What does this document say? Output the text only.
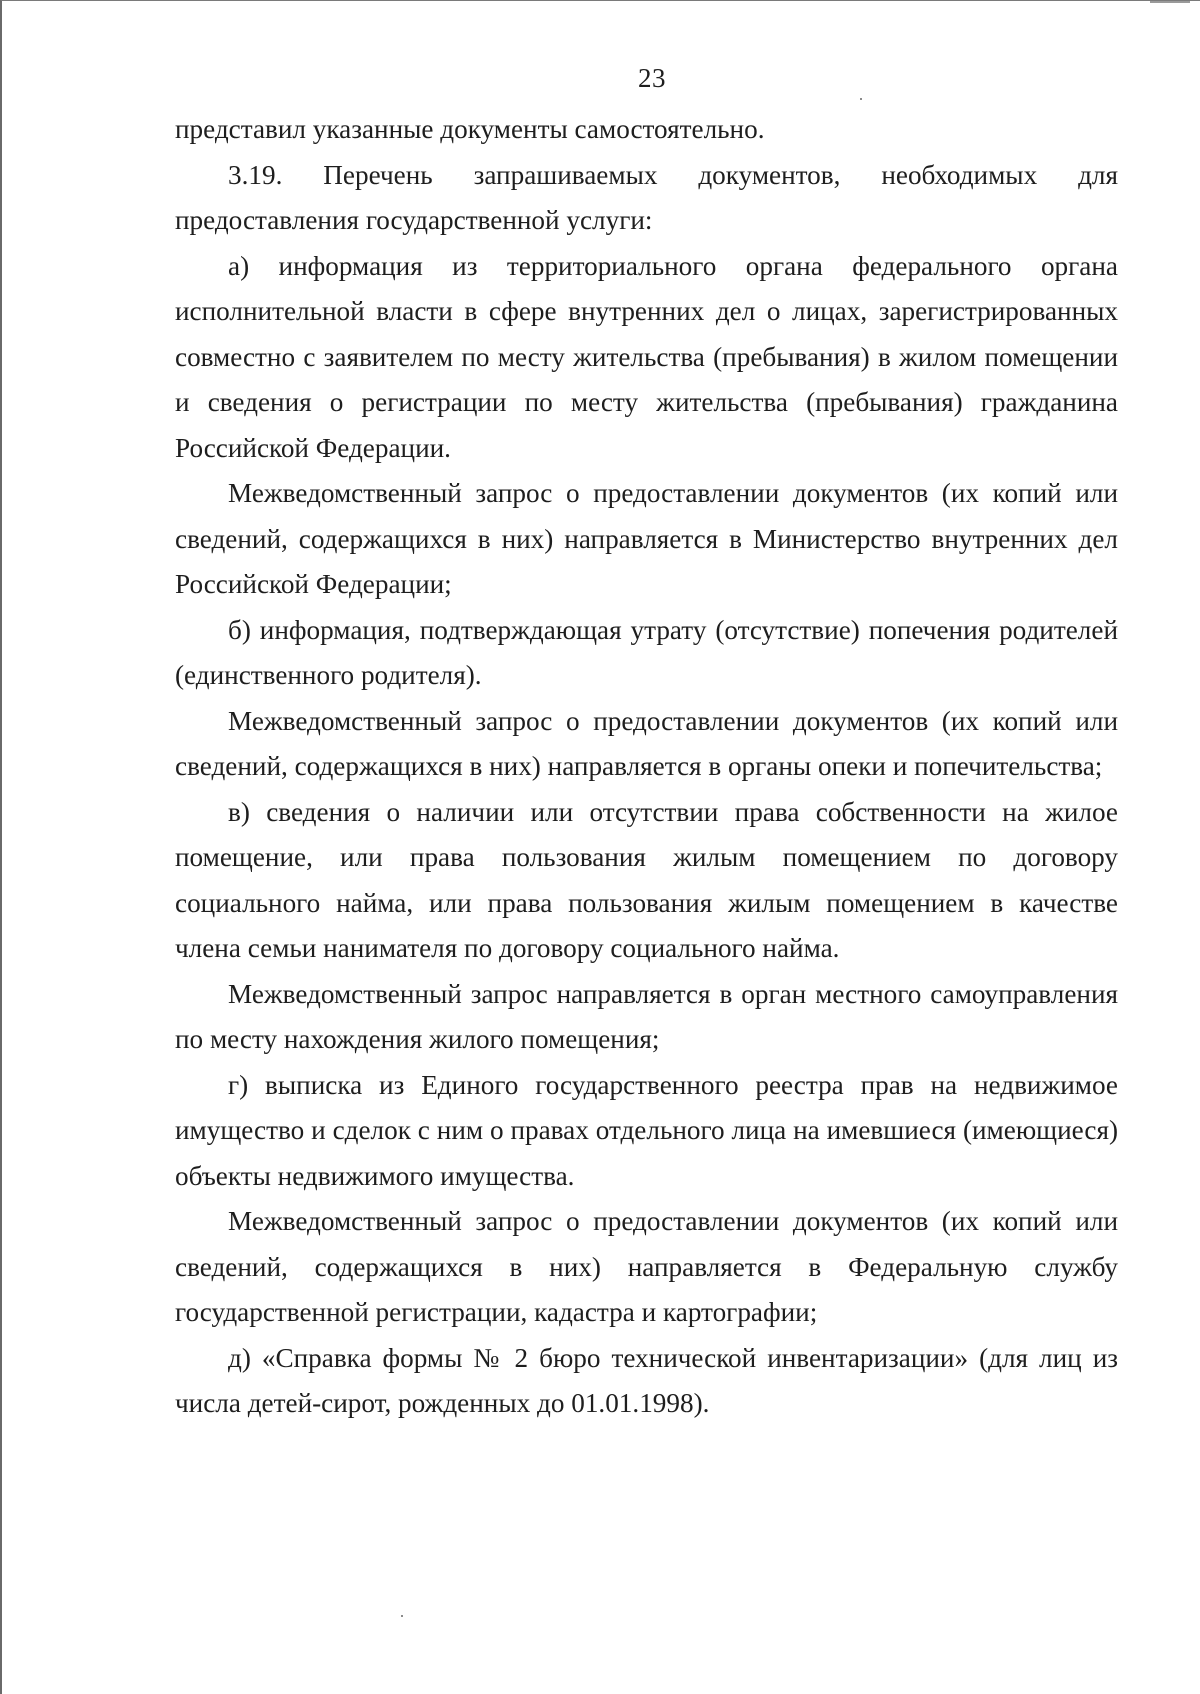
23

представил указанные документы самостоятельно.

3.19. Перечень запрашиваемых документов, необходимых для предоставления государственной услуги:

а) информация из территориального органа федерального органа исполнительной власти в сфере внутренних дел о лицах, зарегистрированных совместно с заявителем по месту жительства (пребывания) в жилом помещении и сведения о регистрации по месту жительства (пребывания) гражданина Российской Федерации.

Межведомственный запрос о предоставлении документов (их копий или сведений, содержащихся в них) направляется в Министерство внутренних дел Российской Федерации;

б) информация, подтверждающая утрату (отсутствие) попечения родителей (единственного родителя).

Межведомственный запрос о предоставлении документов (их копий или сведений, содержащихся в них) направляется в органы опеки и попечительства;

в) сведения о наличии или отсутствии права собственности на жилое помещение, или права пользования жилым помещением по договору социального найма, или права пользования жилым помещением в качестве члена семьи нанимателя по договору социального найма.

Межведомственный запрос направляется в орган местного самоуправления по месту нахождения жилого помещения;

г) выписка из Единого государственного реестра прав на недвижимое имущество и сделок с ним о правах отдельного лица на имевшиеся (имеющиеся) объекты недвижимого имущества.

Межведомственный запрос о предоставлении документов (их копий или сведений, содержащихся в них) направляется в Федеральную службу государственной регистрации, кадастра и картографии;

д) «Справка формы № 2 бюро технической инвентаризации» (для лиц из числа детей-сирот, рожденных до 01.01.1998).
